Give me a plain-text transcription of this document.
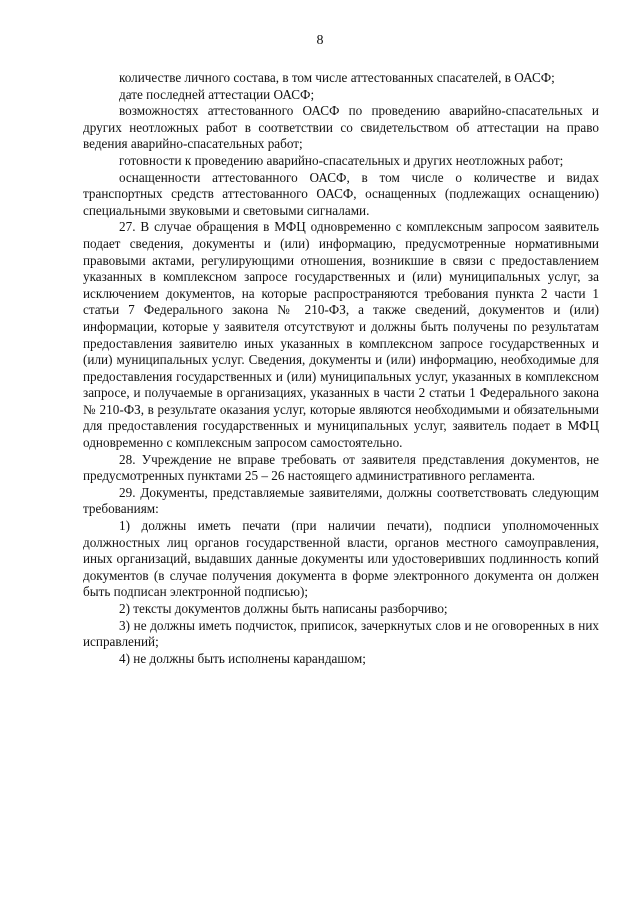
8

количестве личного состава, в том числе аттестованных спасателей, в ОАСФ;

дате последней аттестации ОАСФ;

возможностях аттестованного ОАСФ по проведению аварийно-спасательных и других неотложных работ в соответствии со свидетельством об аттестации на право ведения аварийно-спасательных работ;

готовности к проведению аварийно-спасательных и других неотложных работ;

оснащенности аттестованного ОАСФ, в том числе о количестве и видах транспортных средств аттестованного ОАСФ, оснащенных (подлежащих оснащению) специальными звуковыми и световыми сигналами.

27. В случае обращения в МФЦ одновременно с комплексным запросом заявитель подает сведения, документы и (или) информацию, предусмотренные нормативными правовыми актами, регулирующими отношения, возникшие в связи с предоставлением указанных в комплексном запросе государственных и (или) муниципальных услуг, за исключением документов, на которые распространяются требования пункта 2 части 1 статьи 7 Федерального закона № 210-ФЗ, а также сведений, документов и (или) информации, которые у заявителя отсутствуют и должны быть получены по результатам предоставления заявителю иных указанных в комплексном запросе государственных и (или) муниципальных услуг. Сведения, документы и (или) информацию, необходимые для предоставления государственных и (или) муниципальных услуг, указанных в комплексном запросе, и получаемые в организациях, указанных в части 2 статьи 1 Федерального закона № 210-ФЗ, в результате оказания услуг, которые являются необходимыми и обязательными для предоставления государственных и муниципальных услуг, заявитель подает в МФЦ одновременно с комплексным запросом самостоятельно.

28. Учреждение не вправе требовать от заявителя представления документов, не предусмотренных пунктами 25 – 26 настоящего административного регламента.

29. Документы, представляемые заявителями, должны соответствовать следующим требованиям:

1) должны иметь печати (при наличии печати), подписи уполномоченных должностных лиц органов государственной власти, органов местного самоуправления, иных организаций, выдавших данные документы или удостоверивших подлинность копий документов (в случае получения документа в форме электронного документа он должен быть подписан электронной подписью);

2) тексты документов должны быть написаны разборчиво;

3) не должны иметь подчисток, приписок, зачеркнутых слов и не оговоренных в них исправлений;

4) не должны быть исполнены карандашом;
